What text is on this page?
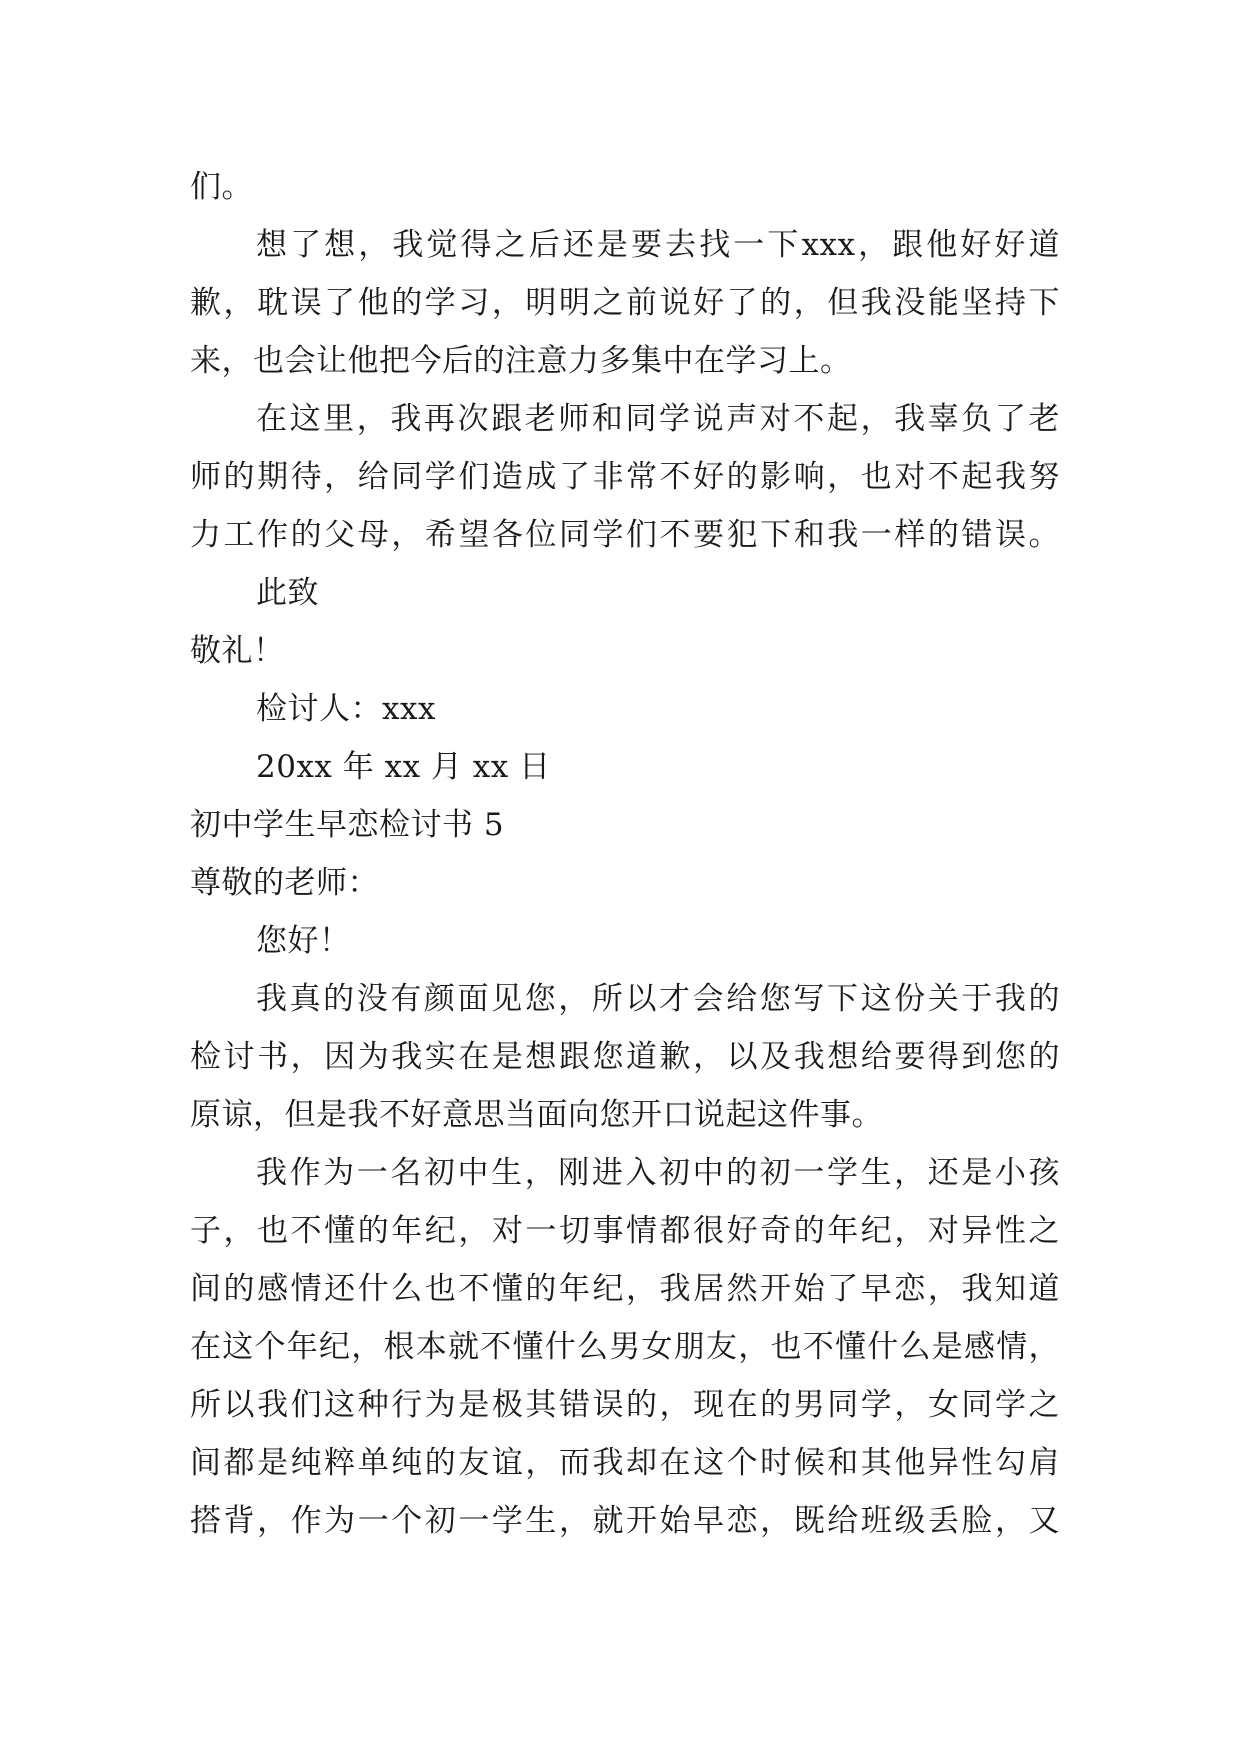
们。
想了想，我觉得之后还是要去找一下xxx，跟他好好道
歉，耽误了他的学习，明明之前说好了的，但我没能坚持下
来，也会让他把今后的注意力多集中在学习上。
在这里，我再次跟老师和同学说声对不起，我辜负了老
师的期待，给同学们造成了非常不好的影响，也对不起我努
力工作的父母，希望各位同学们不要犯下和我一样的错误。
此致
敬礼！
检讨人：xxx
20xx 年 xx 月 xx 日
初中学生早恋检讨书 5
尊敬的老师：
您好！
我真的没有颜面见您，所以才会给您写下这份关于我的
检讨书，因为我实在是想跟您道歉，以及我想给要得到您的
原谅，但是我不好意思当面向您开口说起这件事。
我作为一名初中生，刚进入初中的初一学生，还是小孩
子，也不懂的年纪，对一切事情都很好奇的年纪，对异性之
间的感情还什么也不懂的年纪，我居然开始了早恋，我知道
在这个年纪，根本就不懂什么男女朋友，也不懂什么是感情，
所以我们这种行为是极其错误的，现在的男同学，女同学之
间都是纯粹单纯的友谊，而我却在这个时候和其他异性勾肩
搭背，作为一个初一学生，就开始早恋，既给班级丢脸，又
